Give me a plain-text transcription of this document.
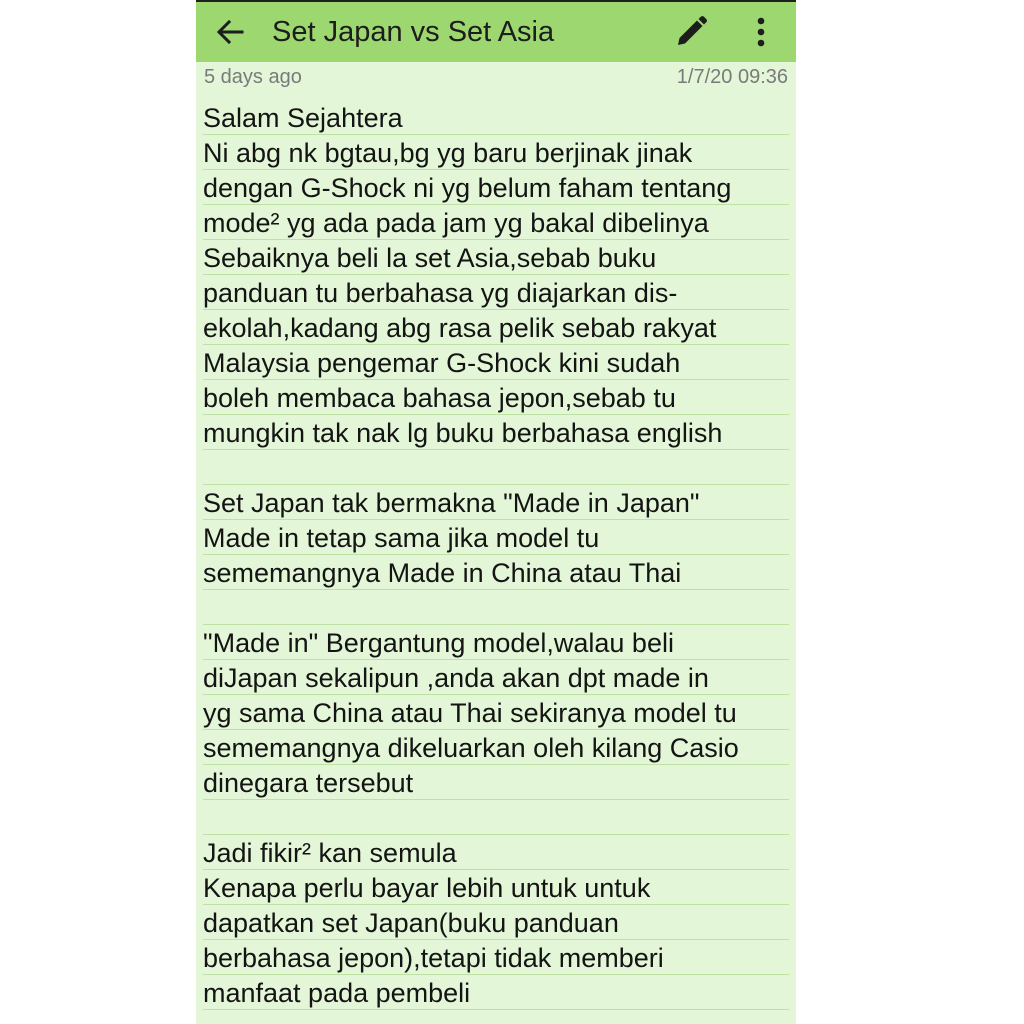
Set Japan vs Set Asia
5 days ago	1/7/20 09:36
Salam Sejahtera
Ni abg nk bgtau,bg yg baru berjinak jinak
dengan G-Shock ni yg belum faham tentang
mode² yg ada pada jam yg bakal dibelinya
Sebaiknya beli la set Asia,sebab buku
panduan tu berbahasa yg diajarkan dis-
ekolah,kadang abg rasa pelik sebab rakyat
Malaysia pengemar G-Shock kini sudah
boleh membaca bahasa jepon,sebab tu
mungkin tak nak lg buku berbahasa english
Set Japan tak bermakna "Made in Japan"
Made in tetap sama jika model tu
sememangnya Made in China atau Thai
"Made in" Bergantung model,walau beli
diJapan sekalipun ,anda akan dpt made in
yg sama China atau Thai sekiranya model tu
sememangnya dikeluarkan oleh kilang Casio
dinegara tersebut
Jadi fikir² kan semula
Kenapa perlu bayar lebih untuk untuk
dapatkan set Japan(buku panduan
berbahasa jepon),tetapi tidak memberi
manfaat pada pembeli
